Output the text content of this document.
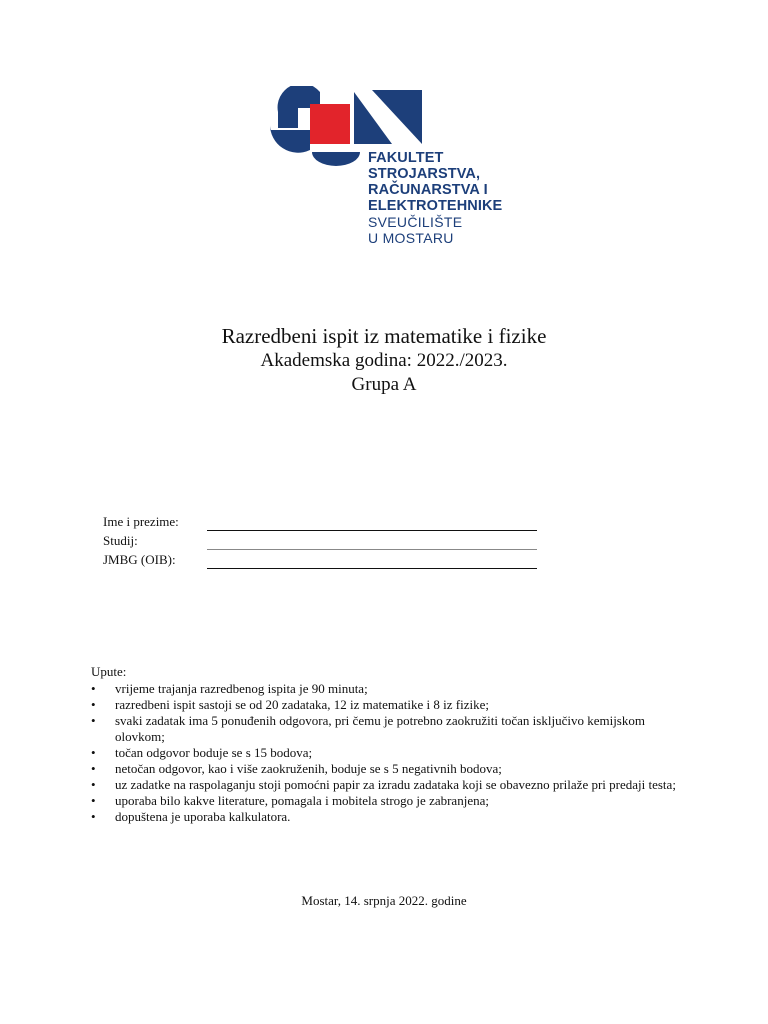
FAKULTET
STROJARSTVA,
RAČUNARSTVA I
ELEKTROTEHNIKE
SVEUČILIŠTE
U MOSTARU
Razredbeni ispit iz matematike i fizike
Akademska godina: 2022./2023.
Grupa A
Ime i prezime:
Studij:
JMBG (OIB):
Upute:
• vrijeme trajanja razredbenog ispita je 90 minuta;
• razredbeni ispit sastoji se od 20 zadataka, 12 iz matematike i 8 iz fizike;
• svaki zadatak ima 5 ponuđenih odgovora, pri čemu je potrebno zaokružiti točan isključivo kemijskom olovkom;
• točan odgovor boduje se s 15 bodova;
• netočan odgovor, kao i više zaokruženih, boduje se s 5 negativnih bodova;
• uz zadatke na raspolaganju stoji pomoćni papir za izradu zadataka koji se obavezno prilaže pri predaji testa;
• uporaba bilo kakve literature, pomagala i mobitela strogo je zabranjena;
• dopuštena je uporaba kalkulatora.
Mostar, 14. srpnja 2022. godine
